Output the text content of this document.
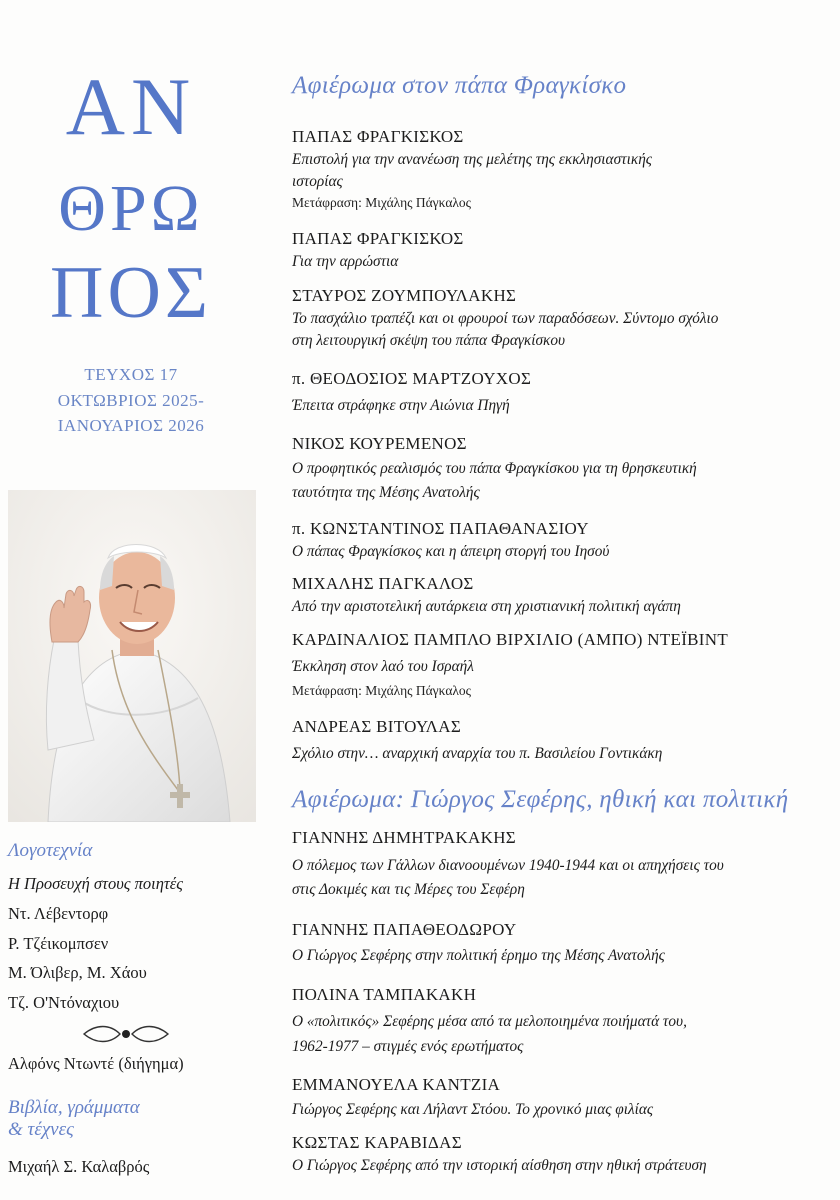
ΑΝ
ΘΡΩ
ΠΟΣ
ΤΕΥΧΟΣ 17
ΟΚΤΩΒΡΙΟΣ 2025-
ΙΑΝΟΥΑΡΙΟΣ 2026
Λογοτεχνία
Η Προσευχή στους ποιητές
Ντ. Λέβεντορφ
Ρ. Τζέικομπσεν
Μ. Όλιβερ, Μ. Χάου
Τζ. Ο'Ντόναχιου
Αλφόνς Ντωντέ (διήγημα)
Βιβλία, γράμματα
& τέχνες
Μιχαήλ Σ. Καλαβρός
Αφιέρωμα στον πάπα Φραγκίσκο
ΠΑΠΑΣ ΦΡΑΓΚΙΣΚΟΣ
Επιστολή για την ανανέωση της μελέτης της εκκλησιαστικής
ιστορίας
Μετάφραση: Μιχάλης Πάγκαλος
ΠΑΠΑΣ ΦΡΑΓΚΙΣΚΟΣ
Για την αρρώστια
ΣΤΑΥΡΟΣ ΖΟΥΜΠΟΥΛΑΚΗΣ
Το πασχάλιο τραπέζι και οι φρουροί των παραδόσεων. Σύντομο σχόλιο
στη λειτουργική σκέψη του πάπα Φραγκίσκου
π. ΘΕΟΔΟΣΙΟΣ ΜΑΡΤΖΟΥΧΟΣ
Έπειτα στράφηκε στην Αιώνια Πηγή
ΝΙΚΟΣ ΚΟΥΡΕΜΕΝΟΣ
Ο προφητικός ρεαλισμός του πάπα Φραγκίσκου για τη θρησκευτική
ταυτότητα της Μέσης Ανατολής
π. ΚΩΝΣΤΑΝΤΙΝΟΣ ΠΑΠΑΘΑΝΑΣΙΟΥ
Ο πάπας Φραγκίσκος και η άπειρη στοργή του Ιησού
ΜΙΧΑΛΗΣ ΠΑΓΚΑΛΟΣ
Από την αριστοτελική αυτάρκεια στη χριστιανική πολιτική αγάπη
ΚΑΡΔΙΝΑΛΙΟΣ ΠΑΜΠΛΟ ΒΙΡΧΙΛΙΟ (ΑΜΠΟ) ΝΤΕΪΒΙΝΤ
Έκκληση στον λαό του Ισραήλ
Μετάφραση: Μιχάλης Πάγκαλος
ΑΝΔΡΕΑΣ ΒΙΤΟΥΛΑΣ
Σχόλιο στην… αναρχική αναρχία του π. Βασιλείου Γοντικάκη
Αφιέρωμα: Γιώργος Σεφέρης, ηθική και πολιτική
ΓΙΑΝΝΗΣ ΔΗΜΗΤΡΑΚΑΚΗΣ
Ο πόλεμος των Γάλλων διανοουμένων 1940-1944 και οι απηχήσεις του
στις Δοκιμές και τις Μέρες του Σεφέρη
ΓΙΑΝΝΗΣ ΠΑΠΑΘΕΟΔΩΡΟΥ
Ο Γιώργος Σεφέρης στην πολιτική έρημο της Μέσης Ανατολής
ΠΟΛΙΝΑ ΤΑΜΠΑΚΑΚΗ
Ο «πολιτικός» Σεφέρης μέσα από τα μελοποιημένα ποιήματά του,
1962-1977 – στιγμές ενός ερωτήματος
ΕΜΜΑΝΟΥΕΛΑ ΚΑΝΤΖΙΑ
Γιώργος Σεφέρης και Λήλαντ Στόου. Το χρονικό μιας φιλίας
ΚΩΣΤΑΣ ΚΑΡΑΒΙΔΑΣ
Ο Γιώργος Σεφέρης από την ιστορική αίσθηση στην ηθική στράτευση
